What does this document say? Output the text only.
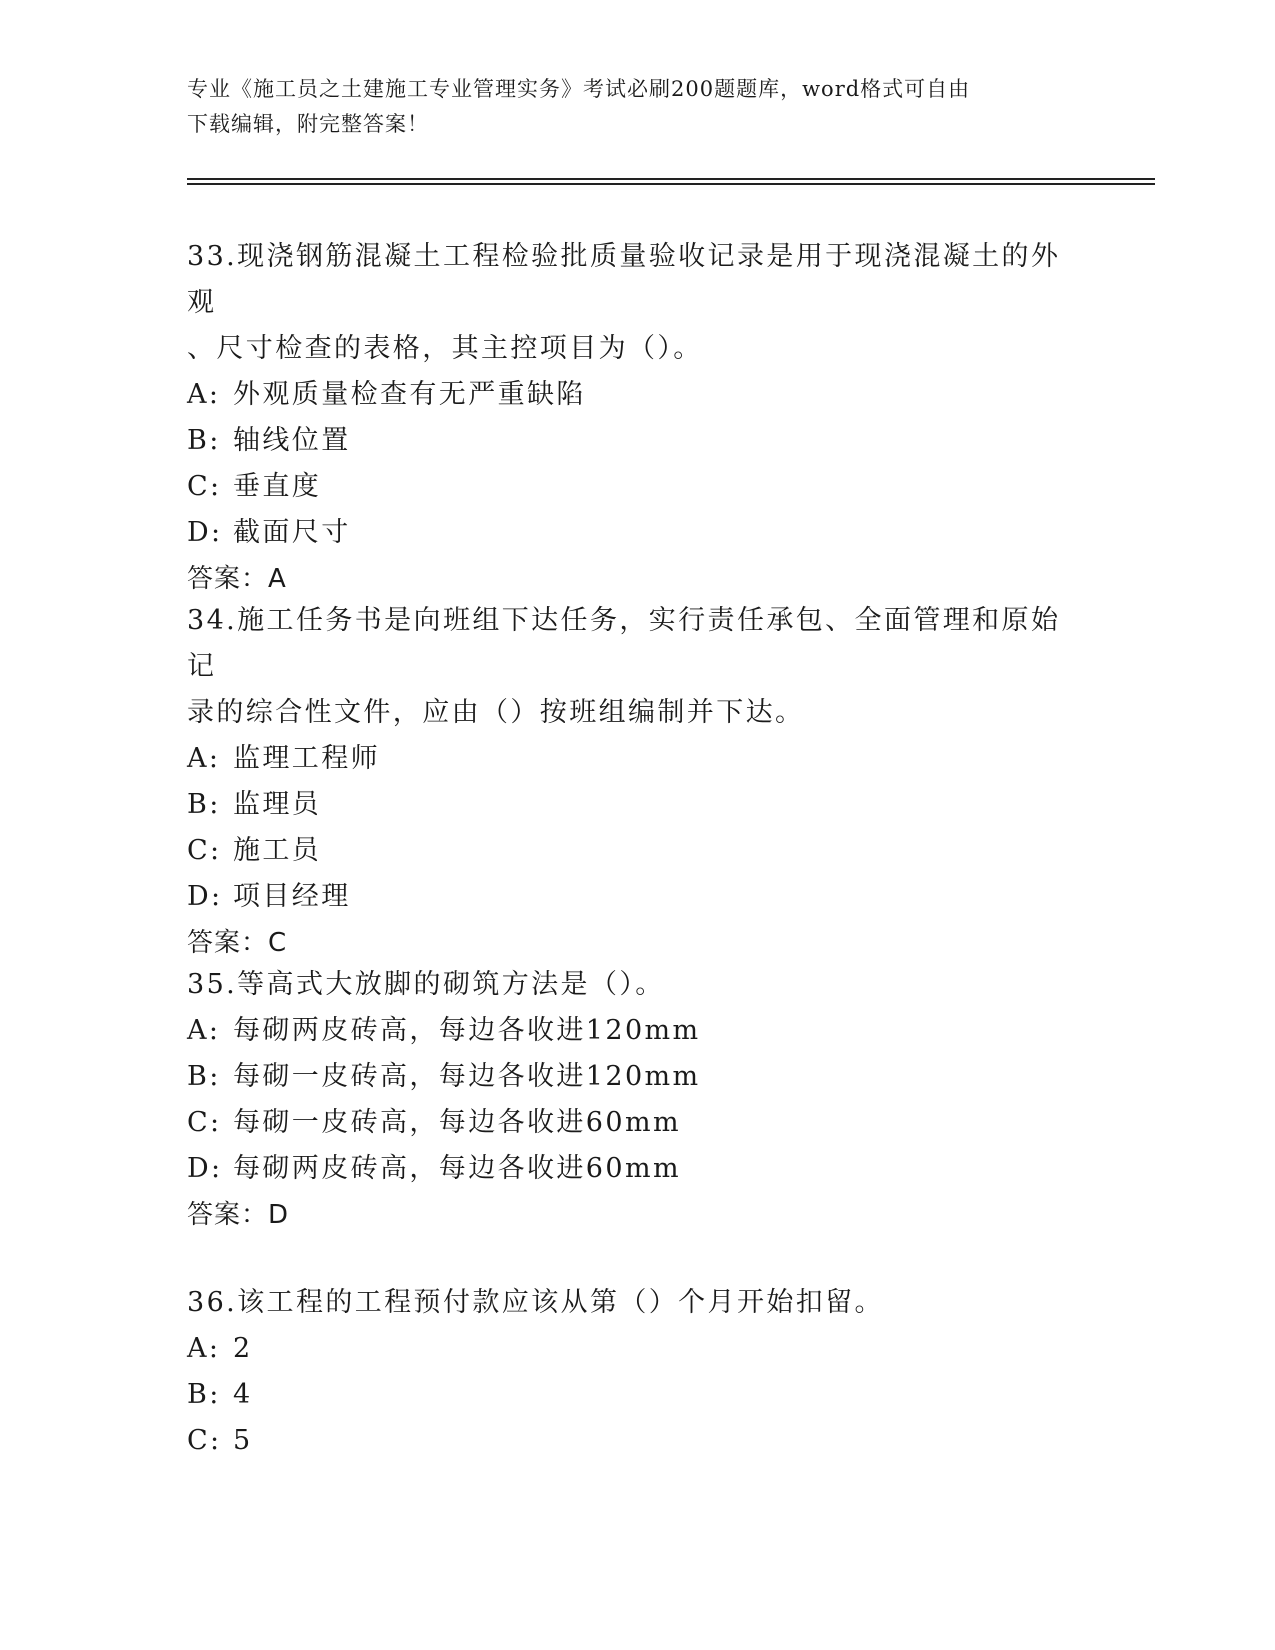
专业《施工员之土建施工专业管理实务》考试必刷200题题库，word格式可自由
下载编辑，附完整答案！

33.现浇钢筋混凝土工程检验批质量验收记录是用于现浇混凝土的外观

、尺寸检查的表格，其主控项目为（）。

A: 外观质量检查有无严重缺陷

B: 轴线位置

C: 垂直度

D: 截面尺寸

答案：A

34.施工任务书是向班组下达任务，实行责任承包、全面管理和原始记

录的综合性文件，应由（）按班组编制并下达。

A: 监理工程师

B: 监理员

C: 施工员

D: 项目经理

答案：C

35.等高式大放脚的砌筑方法是（）。

A: 每砌两皮砖高，每边各收进120mm

B: 每砌一皮砖高，每边各收进120mm

C: 每砌一皮砖高，每边各收进60mm

D: 每砌两皮砖高，每边各收进60mm

答案：D

36.该工程的工程预付款应该从第（）个月开始扣留。

A: 2

B: 4

C: 5
